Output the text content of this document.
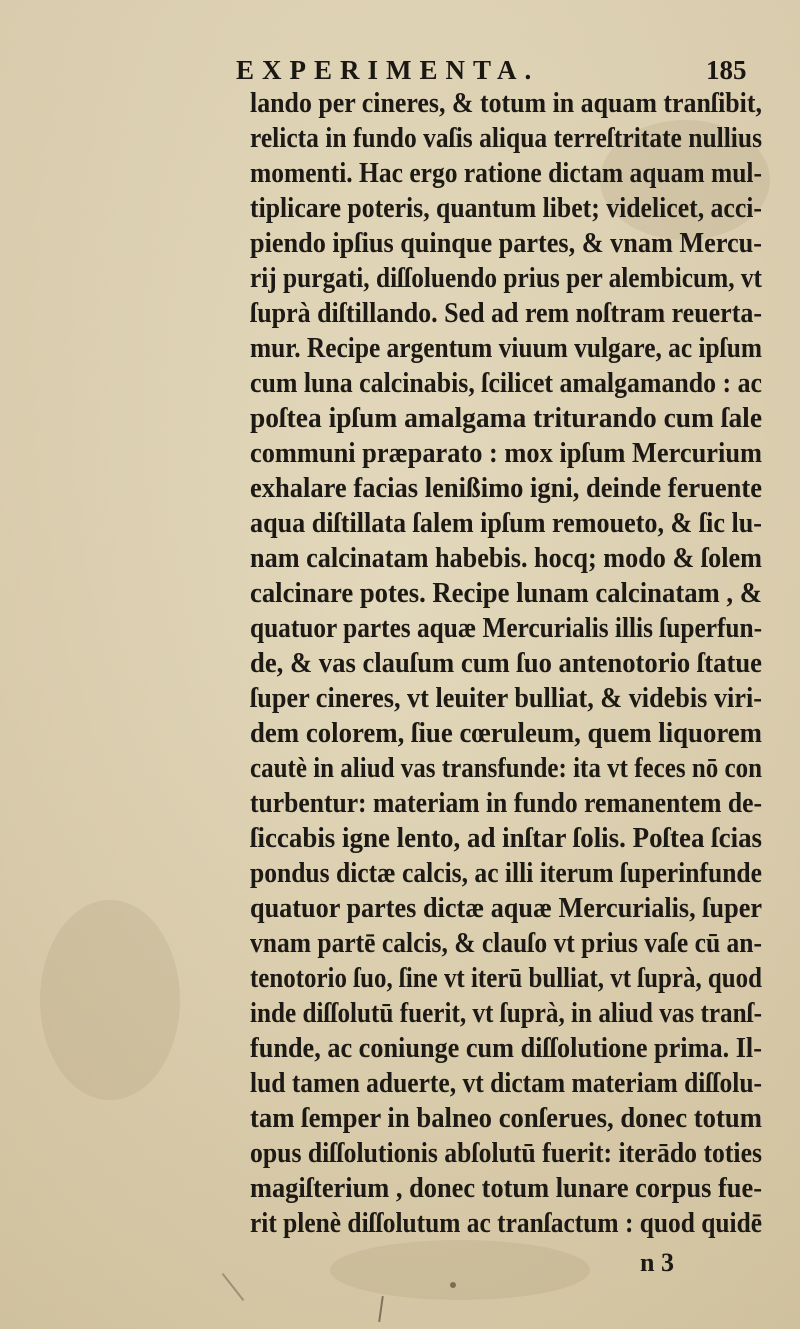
EXPERIMENTA.	185
lando per cineres, & totum in aquam tranſibit,
relicta in fundo vaſis aliqua terreſtritate nullius
momenti. Hac ergo ratione dictam aquam mul-
tiplicare poteris, quantum libet; videlicet, acci-
piendo ipſius quinque partes, & vnam Mercu-
rij purgati, diſſoluendo prius per alembicum, vt
ſuprà diſtillando. Sed ad rem noſtram reuerta-
mur. Recipe argentum viuum vulgare, ac ipſum
cum luna calcinabis, ſcilicet amalgamando : ac
poſtea ipſum amalgama triturando cum ſale
communi præparato : mox ipſum Mercurium
exhalare facias lenißimo igni, deinde feruente
aqua diſtillata ſalem ipſum remoueto, & ſic lu-
nam calcinatam habebis. hocq; modo & ſolem
calcinare potes. Recipe lunam calcinatam , &
quatuor partes aquæ Mercurialis illis ſuperfun-
de, & vas clauſum cum ſuo antenotorio ſtatue
ſuper cineres, vt leuiter bulliat, & videbis viri-
dem colorem, ſiue cœruleum, quem liquorem
cautè in aliud vas transfunde: ita vt feces nō con
turbentur: materiam in fundo remanentem de-
ſiccabis igne lento, ad inſtar ſolis. Poſtea ſcias
pondus dictæ calcis, ac illi iterum ſuperinfunde
quatuor partes dictæ aquæ Mercurialis, ſuper
vnam partē calcis, & clauſo vt prius vaſe cū an-
tenotorio ſuo, ſine vt iterū bulliat, vt ſuprà, quod
inde diſſolutū fuerit, vt ſuprà, in aliud vas tranſ-
funde, ac coniunge cum diſſolutione prima. Il-
lud tamen aduerte, vt dictam materiam diſſolu-
tam ſemper in balneo conſerues, donec totum
opus diſſolutionis abſolutū fuerit: iterādo toties
magiſterium , donec totum lunare corpus fue-
rit plenè diſſolutum ac tranſactum : quod quidē
n 3
